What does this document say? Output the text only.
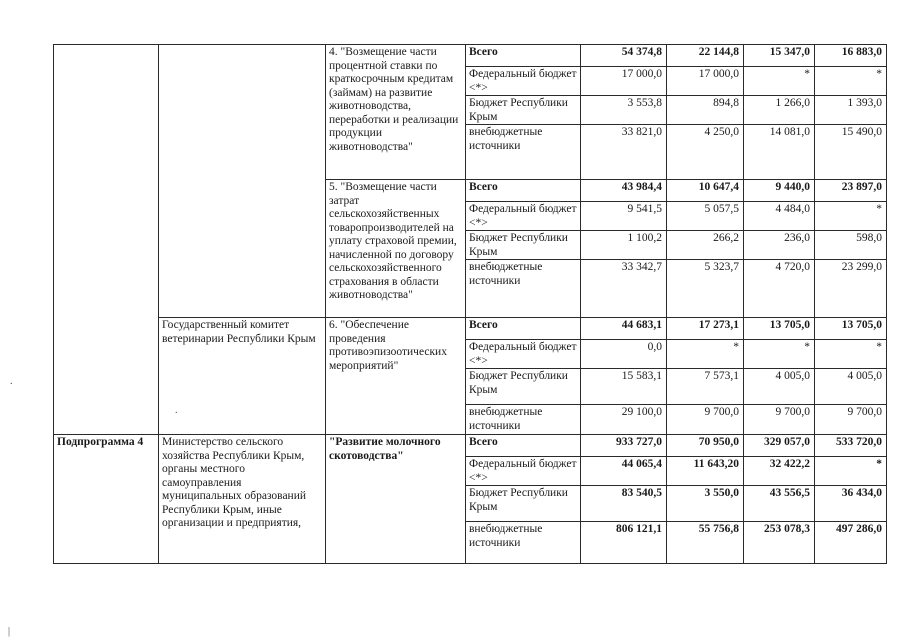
		4. "Возмещение части процентной ставки по краткосрочным кредитам (займам) на развитие животноводства, переработки и реализации продукции животноводства"	Всего	54 374,8	22 144,8	15 347,0	16 883,0
			Федеральный бюджет <*>	17 000,0	17 000,0	*	*
			Бюджет Республики Крым	3 553,8	894,8	1 266,0	1 393,0
			внебюджетные источники	33 821,0	4 250,0	14 081,0	15 490,0
		5. "Возмещение части затрат сельскохозяйственных товаропроизводителей на уплату страховой премии, начисленной по договору сельскохозяйственного страхования в области животноводства"	Всего	43 984,4	10 647,4	9 440,0	23 897,0
			Федеральный бюджет <*>	9 541,5	5 057,5	4 484,0	*
			Бюджет Республики Крым	1 100,2	266,2	236,0	598,0
			внебюджетные источники	33 342,7	5 323,7	4 720,0	23 299,0
	Государственный комитет ветеринарии Республики Крым	6. "Обеспечение проведения противоэпизоотических мероприятий"	Всего	44 683,1	17 273,1	13 705,0	13 705,0
			Федеральный бюджет <*>	0,0	*	*	*
			Бюджет Республики Крым	15 583,1	7 573,1	4 005,0	4 005,0
			внебюджетные источники	29 100,0	9 700,0	9 700,0	9 700,0
Подпрограмма 4	Министерство сельского хозяйства Республики Крым, органы местного самоуправления муниципальных образований Республики Крым, иные организации и предприятия,	"Развитие молочного скотоводства"	Всего	933 727,0	70 950,0	329 057,0	533 720,0
			Федеральный бюджет <*>	44 065,4	11 643,20	32 422,2	*
			Бюджет Республики Крым	83 540,5	3 550,0	43 556,5	36 434,0
			внебюджетные источники	806 121,1	55 756,8	253 078,3	497 286,0
.
.
|
